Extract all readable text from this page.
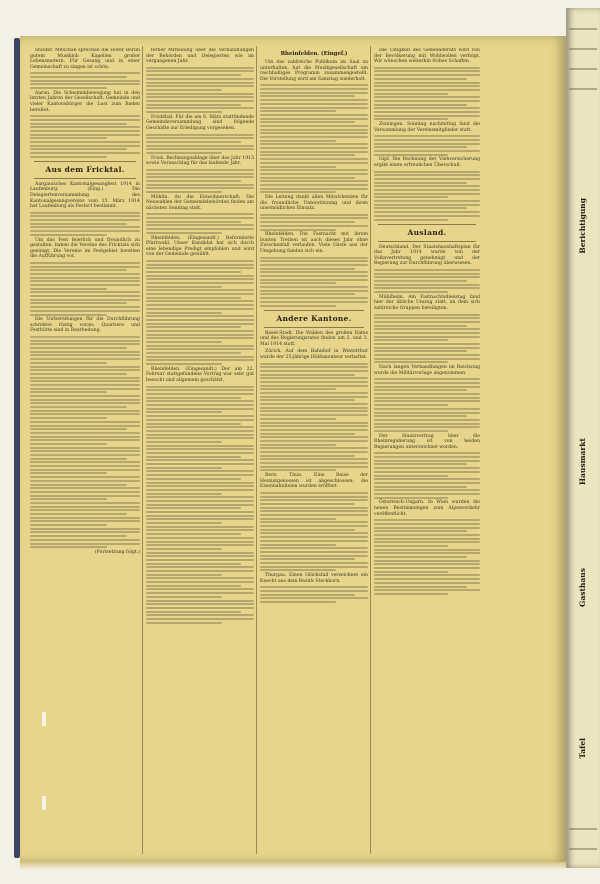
Staufer. Mitschab sprechen die Hörer Berlin gutem Musiklob Kapellen großer Lebensmetern. Für Gesang und in einer Gemeinschaft zu singen ist schön.

Aarau. Die Schwimmbewegung hat in den letzten Jahren der Gesellschaft, Gemeinde und vieler Kantonsbürger die Lust zum Baden bereitet.

Aus dem Fricktal.

Aargauisches Kantonalgesangfest 1914 in Laufenburg. (Eing.) Die Delegiertenversammlung des Kantonalgesangvereins vom 15. März 1914 hat Laufenburg als Festort bestimmt.

Um das Fest feierlich und freundlich zu gestalten, haben die Vereine des Fricktals sich geeinigt. Die Vereine im Festgebiet bereiten die Aufführung vor.

Die Vorbereitungen für die Durchführung schreiten rüstig voran; Quartiere und Festhütte sind in Bearbeitung.

(Fortsetzung folgt.)

ferner Mitteilung über die Verhandlungen der Behörden und Delegierten wie im vergangenen Jahr.

Frickthal. Für die am 6. März stattfindende Gemeindeversammlung sind folgende Geschäfte zur Erledigung vorgesehen.

Frick. Rechnungsablage über das Jahr 1913 sowie Voranschlag für das laufende Jahr.

Möhlin. An die Einwohnerschaft: Die Neuwahlen der Gemeindebehörden finden am nächsten Sonntag statt.

Rheinfelden. (Eingesandt.) Reformierte Pfarrwahl. Unser Kandidat hat sich durch eine lebendige Predigt empfohlen und wird von der Gemeinde gewählt.

Rheinfelden. (Eingesandt.) Der am 22. Februar stattgefundene Vortrag war sehr gut besucht und allgemein geschätzt.

Rheinfelden. (Eingef.)

Um das zahlreiche Publikum im Saal zu unterhalten, hat die Musikgesellschaft ein reichhaltiges Programm zusammengestellt. Die Vorstellung wird am Samstag wiederholt.

Die Leitung dankt allen Mitwirkenden für die freundliche Unterstützung und ihren unermüdlichen Einsatz.

Rheinfelden. Die Fastnacht mit ihrem bunten Treiben ist auch dieses Jahr ohne Zwischenfall verlaufen. Viele Gäste aus der Umgebung fanden sich ein.

Andere Kantone.

Basel-Stadt. Die Wahlen des großen Rates und des Regierungsrates finden am 2. und 3. Mai 1914 statt.

Zürich. Auf dem Bahnhof in Winterthur wurde der 25-jährige Hülfsmonteur verhaftet.

Bern. Thun. Eine Reise der Heimatgenossen ist abgeschlossen; die Eisenbahnlinien wurden eröffnet.

Thurgau. Einen Glücksfall verzeichnet ein Knecht aus dem Bezirk Steckborn.

Die Tätigkeit des Gemeinderats wird von der Bevölkerung mit Wohlwollen verfolgt. Wir wünschen weiterhin frohes Schaffen.

Zeiningen. Sonntag nachmittag fand die Versammlung der Vereinsmitglieder statt.

Gipf. Die Rechnung der Viehversicherung ergibt einen erfreulichen Überschuß.

Ausland.

Deutschland. Der Staatshaushaltsplan für das Jahr 1914 wurde von der Volksvertretung genehmigt und der Regierung zur Durchführung überwiesen.

Mühlheim. Am Fastnachtsdienstag fand hier der übliche Umzug statt, an dem sich zahlreiche Gruppen beteiligten.

Nach langen Verhandlungen im Reichstag wurde die Militärvorlage angenommen.

Der Staatsvertrag über die Rheinregulierung ist von beiden Regierungen unterzeichnet worden.

Österreich-Ungarn. In Wien wurden die neuen Bestimmungen zum Alpenverkehr veröffentlicht.

Berichtigung
Hausmarkt
Gasthaus
Tafel
